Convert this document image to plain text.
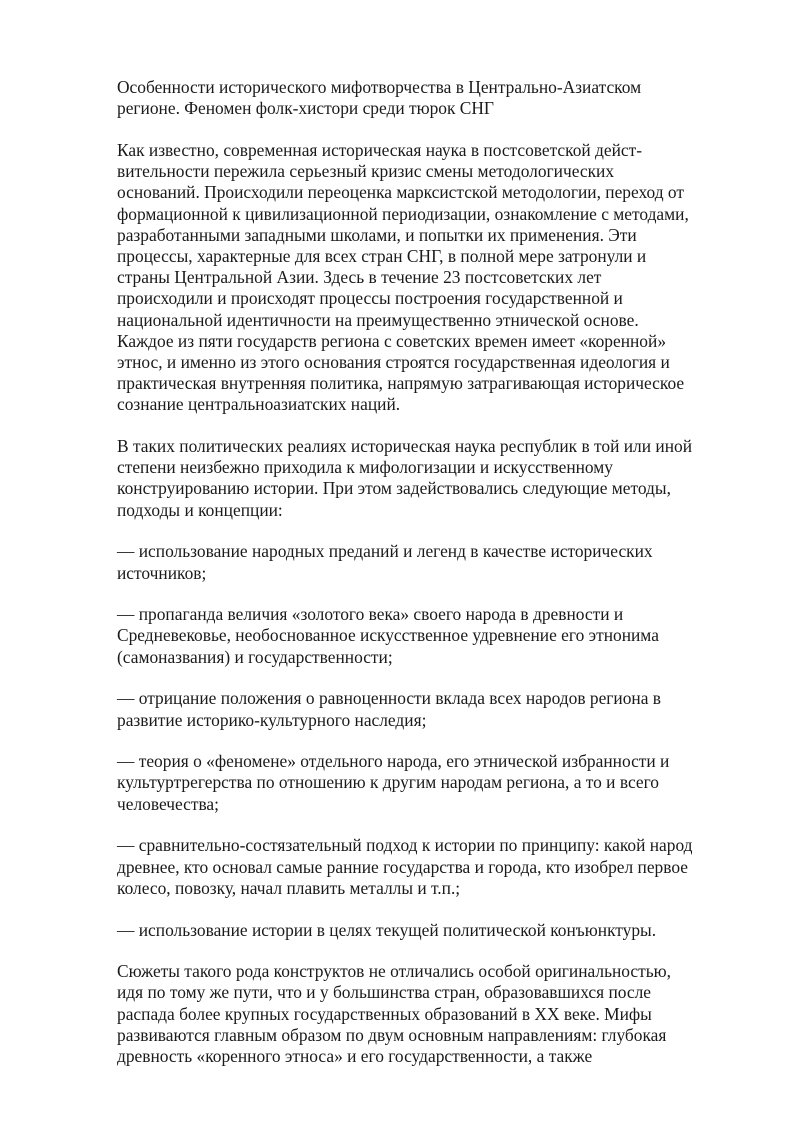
Особенности исторического мифотворчества в Центрально-Азиатском регионе. Феномен фолк-хистори среди тюрок СНГ

Как известно, современная историческая наука в постсоветской дейст-вительности пережила серьезный кризис смены методологических оснований. Происходили переоценка марксистской методологии, переход от формационной к цивилизационной периодизации, ознакомление с методами, разработанными западными школами, и попытки их применения. Эти процессы, характерные для всех стран СНГ, в полной мере затронули и страны Центральной Азии. Здесь в течение 23 постсоветских лет происходили и происходят процессы построения государственной и национальной идентичности на преимущественно этнической основе. Каждое из пяти государств региона с советских времен имеет «коренной» этнос, и именно из этого основания строятся государственная идеология и практическая внутренняя политика, напрямую затрагивающая историческое сознание центральноазиатских наций.

В таких политических реалиях историческая наука республик в той или иной степени неизбежно приходила к мифологизации и искусственному конструированию истории. При этом задействовались следующие методы, подходы и концепции:

— использование народных преданий и легенд в качестве исторических источников;

— пропаганда величия «золотого века» своего народа в древности и Средневековье, необоснованное искусственное удревнение его этнонима (самоназвания) и государственности;

— отрицание положения о равноценности вклада всех народов региона в развитие историко-культурного наследия;

— теория о «феномене» отдельного народа, его этнической избранности и культуртрегерства по отношению к другим народам региона, а то и всего человечества;

— сравнительно-состязательный подход к истории по принципу: какой народ древнее, кто основал самые ранние государства и города, кто изобрел первое колесо, повозку, начал плавить металлы и т.п.;

— использование истории в целях текущей политической конъюнктуры.

Сюжеты такого рода конструктов не отличались особой оригинальностью, идя по тому же пути, что и у большинства стран, образовавшихся после распада более крупных государственных образований в XX веке. Мифы развиваются главным образом по двум основным направлениям: глубокая древность «коренного этноса» и его государственности, а также
